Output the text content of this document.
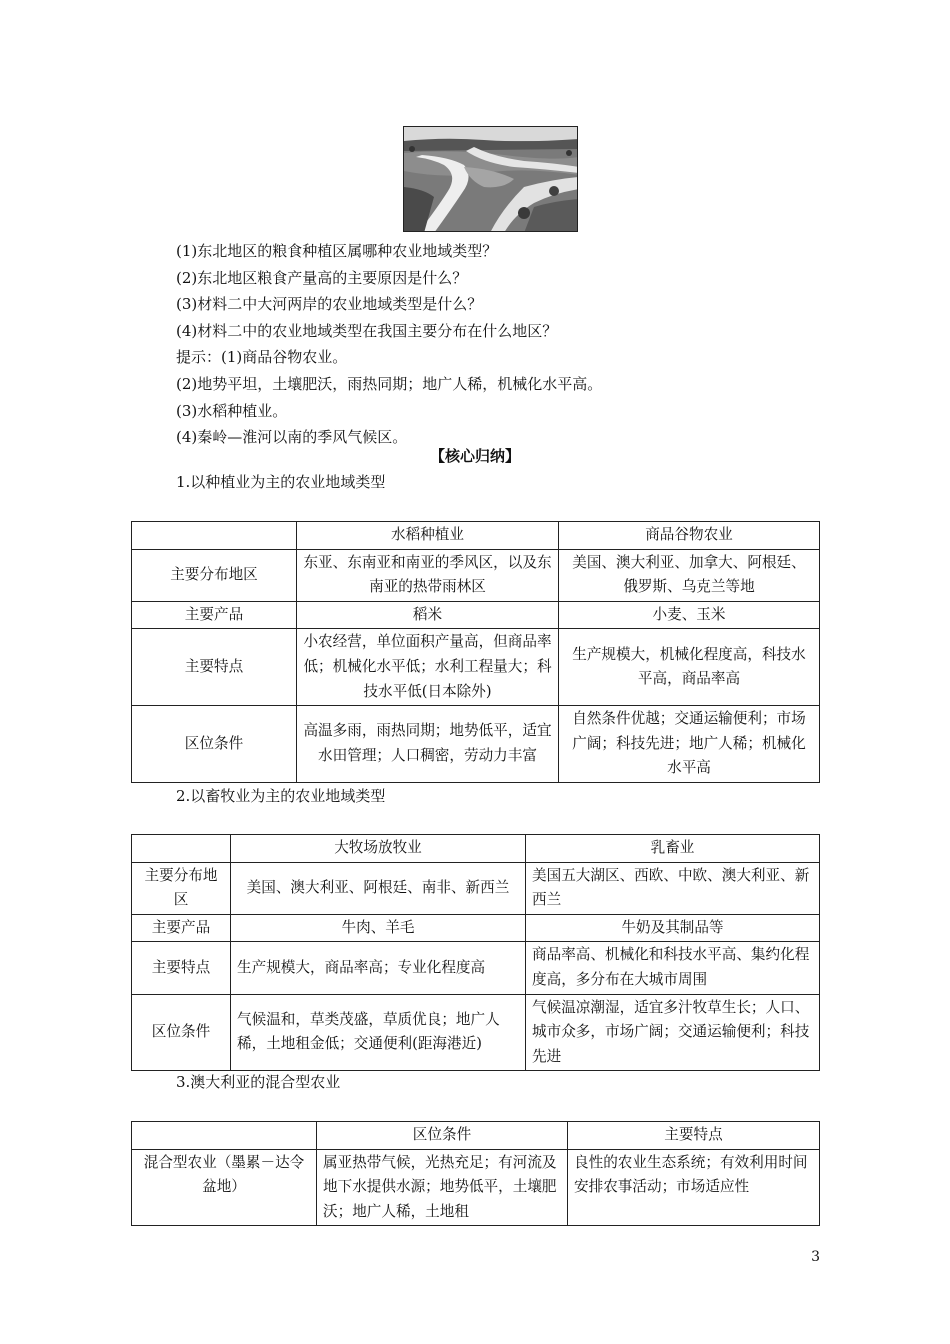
(1)东北地区的粮食种植区属哪种农业地域类型？
(2)东北地区粮食产量高的主要原因是什么？
(3)材料二中大河两岸的农业地域类型是什么？
(4)材料二中的农业地域类型在我国主要分布在什么地区？
提示：(1)商品谷物农业。
(2)地势平坦，土壤肥沃，雨热同期；地广人稀，机械化水平高。
(3)水稻种植业。
(4)秦岭—淮河以南的季风气候区。
【核心归纳】
1.以种植业为主的农业地域类型
	水稻种植业	商品谷物农业
主要分布地区	东亚、东南亚和南亚的季风区，以及东南亚的热带雨林区	美国、澳大利亚、加拿大、阿根廷、俄罗斯、乌克兰等地
主要产品	稻米	小麦、玉米
主要特点	小农经营，单位面积产量高，但商品率低；机械化水平低；水利工程量大；科技水平低(日本除外)	生产规模大，机械化程度高，科技水平高，商品率高
区位条件	高温多雨，雨热同期；地势低平，适宜水田管理；人口稠密，劳动力丰富	自然条件优越；交通运输便利；市场广阔；科技先进；地广人稀；机械化水平高
2.以畜牧业为主的农业地域类型
	大牧场放牧业	乳畜业
主要分布地区	美国、澳大利亚、阿根廷、南非、新西兰	美国五大湖区、西欧、中欧、澳大利亚、新西兰
主要产品	牛肉、羊毛	牛奶及其制品等
主要特点	生产规模大，商品率高；专业化程度高	商品率高、机械化和科技水平高、集约化程度高，多分布在大城市周围
区位条件	气候温和，草类茂盛，草质优良；地广人稀，土地租金低；交通便利(距海港近)	气候温凉潮湿，适宜多汁牧草生长；人口、城市众多，市场广阔；交通运输便利；科技先进
3.澳大利亚的混合型农业
	区位条件	主要特点
混合型农业（墨累－达令盆地）	属亚热带气候，光热充足；有河流及地下水提供水源；地势低平，土壤肥沃；地广人稀，土地租	良性的农业生态系统；有效利用时间安排农事活动；市场适应性
3
